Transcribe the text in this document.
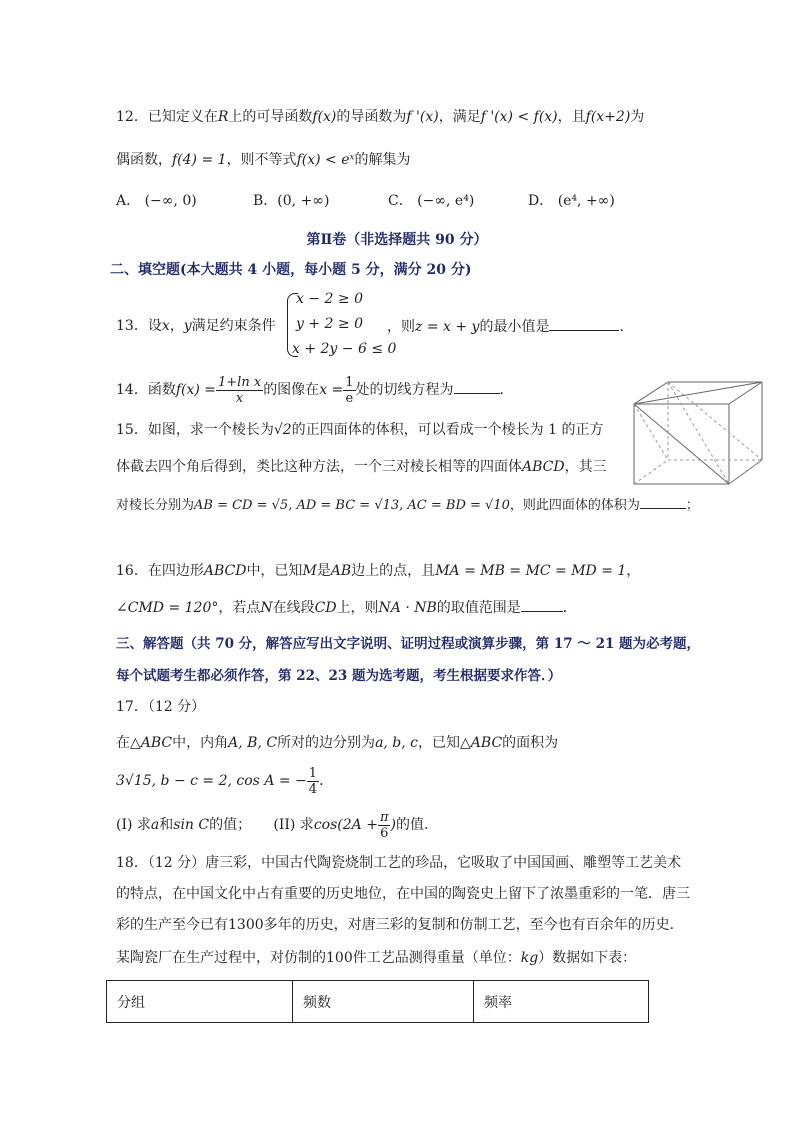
12．已知定义在R上的可导函数f(x)的导函数为f '(x)，满足f '(x) < f(x)，且f(x+2)为
偶函数，f(4) = 1，则不等式f(x) < eˣ的解集为
A． (−∞, 0)	B．(0, +∞)	C． (−∞, e⁴)	D． (e⁴, +∞)
第Ⅱ卷（非选择题共 90 分）
二、填空题(本大题共 4 小题，每小题 5 分，满分 20 分)
13．设x，y满足约束条件
x − 2 ≥ 0
y + 2 ≥ 0
x + 2y − 6 ≤ 0
，则z = x + y的最小值是	．
14．函数$f(x) = \frac{\text{1+ln x}}{x}$ 的图像在$x = \frac{1}{e}$ 处的切线方程为	．
15．如图，求一个棱长为√2的正四面体的体积，可以看成一个棱长为 1 的正方
体截去四个角后得到，类比这种方法，一个三对棱长相等的四面体ABCD，其三
对棱长分别为AB = CD = √5, AD = BC = √13, AC = BD = √10，则此四面体的体积为	；
16．在四边形ABCD中，已知M是AB边上的点，且MA = MB = MC = MD = 1，
∠CMD = 120°，若点N在线段CD上，则NA · NB的取值范围是	．
三、解答题（共 70 分，解答应写出文字说明、证明过程或演算步骤，第 17 ～ 21 题为必考题，
每个试题考生都必须作答，第 22、23 题为选考题，考生根据要求作答．）
17．（12 分）
在△ABC中，内角A, B, C所对的边分别为a, b, c，已知△ABC的面积为
3√15, b − c = 2, cos A = − $\frac{1}{4}$ ．
(I) 求a和sin C的值； (II) 求$\cos(2A + \frac{\pi}{6}$ )的值．
18．（12 分）唐三彩，中国古代陶瓷烧制工艺的珍品，它吸取了中国国画、雕塑等工艺美术
的特点，在中国文化中占有重要的历史地位，在中国的陶瓷史上留下了浓墨重彩的一笔．唐三
彩的生产至今已有1300多年的历史，对唐三彩的复制和仿制工艺，至今也有百余年的历史．
某陶瓷厂在生产过程中，对仿制的100件工艺品测得重量（单位：kg）数据如下表：
分组	频数	频率
